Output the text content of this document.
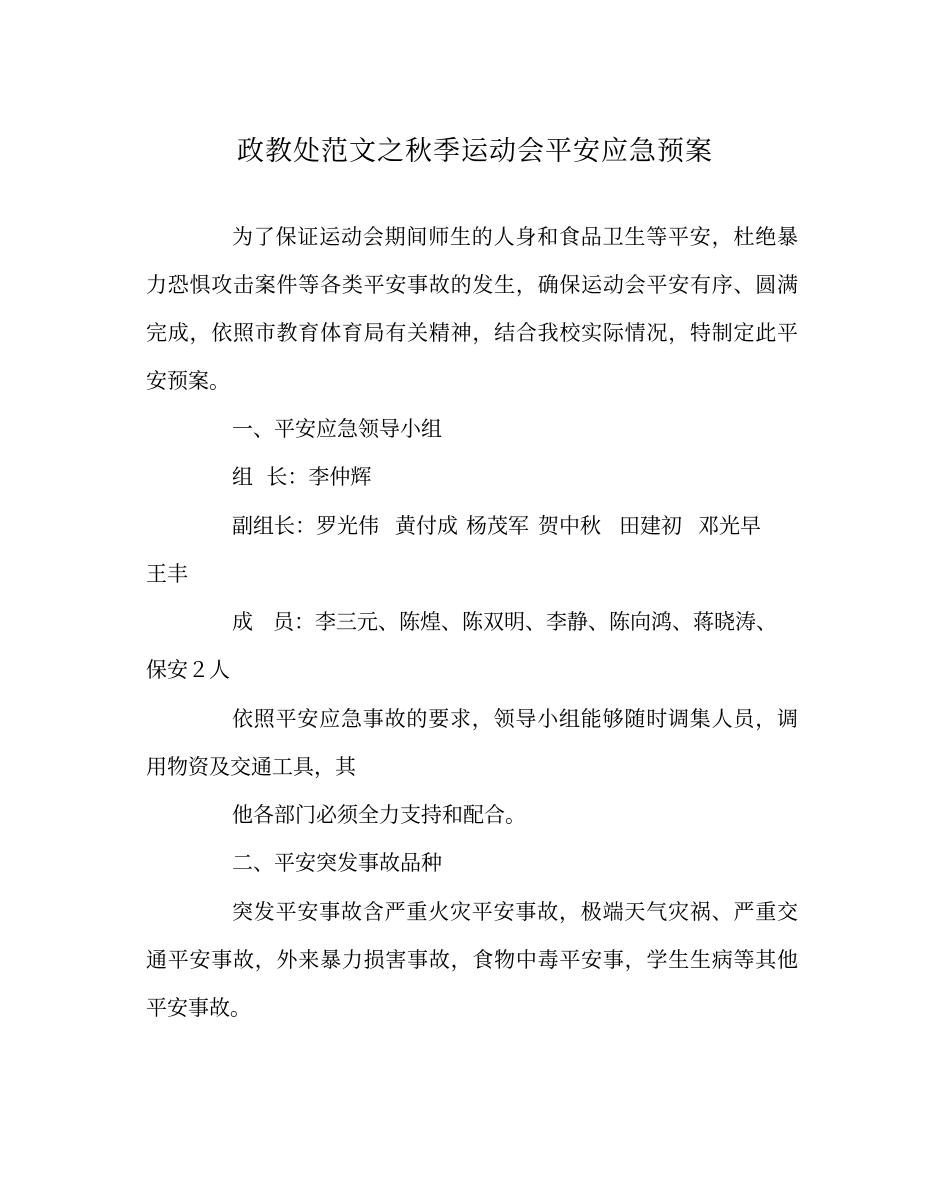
政教处范文之秋季运动会平安应急预案
为了保证运动会期间师生的人身和食品卫生等平安，杜绝暴
力恐惧攻击案件等各类平安事故的发生，确保运动会平安有序、圆满
完成，依照市教育体育局有关精神，结合我校实际情况，特制定此平
安预案。
一、平安应急领导小组
组  长：李仲辉
副组长：罗光伟 黄付成 杨茂军 贺中秋 田建初 邓光早
王丰
成   员：李三元、陈煌、陈双明、李静、陈向鸿、蒋晓涛、
保安２人
依照平安应急事故的要求，领导小组能够随时调集人员，调
用物资及交通工具，其
他各部门必须全力支持和配合。
二、平安突发事故品种
突发平安事故含严重火灾平安事故，极端天气灾祸、严重交
通平安事故，外来暴力损害事故，食物中毒平安事，学生生病等其他
平安事故。
